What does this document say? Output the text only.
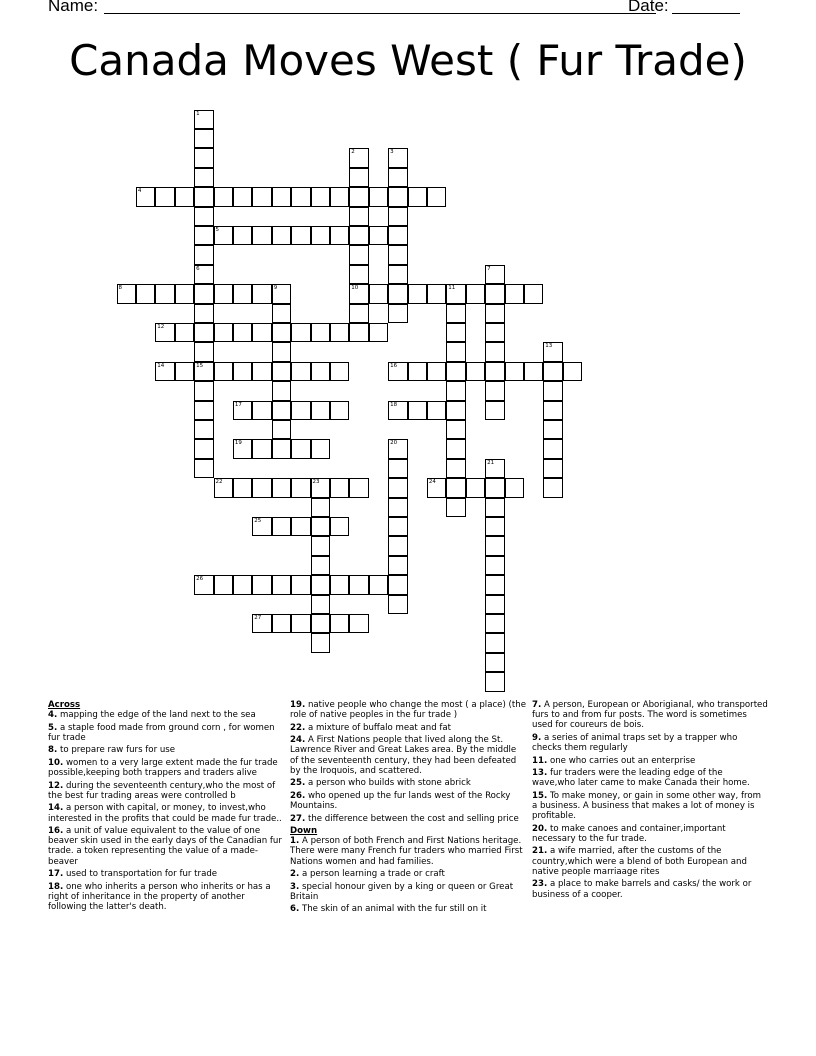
Name:	Date:
Canada Moves West ( Fur Trade)
1
6
15
2
10
3
4
5
7
8	9	11
12
13
14	16
17	18
19	20
21
22	23	24
25
26
27
Across
4. mapping the edge of the land next to the sea
5. a staple food made from ground corn , for women fur trade
8. to prepare raw furs for use
10. women to a very large extent made the fur trade possible,keeping both trappers and traders alive
12. during the seventeenth century,who the most of the best fur trading areas were controlled b
14. a person with capital, or money, to invest,who interested in the profits that could be made fur trade..
16. a unit of value equivalent to the value of one beaver skin used in the early days of the Canadian fur trade. a token representing the value of a made-beaver
17. used to transportation for fur trade
18. one who inherits a person who inherits or has a right of inheritance in the property of another following the latter's death.
19. native people who change the most ( a place) (the role of native peoples in the fur trade )
22. a mixture of buffalo meat and fat
24. A First Nations people that lived along the St. Lawrence River and Great Lakes area. By the middle of the seventeenth century, they had been defeated by the Iroquois, and scattered.
25. a person who builds with stone abrick
26. who opened up the fur lands west of the Rocky Mountains.
27. the difference between the cost and selling price
Down
1. A person of both French and First Nations heritage. There were many French fur traders who married First Nations women and had families.
2. a person learning a trade or craft
3. special honour given by a king or queen or Great Britain
6. The skin of an animal with the fur still on it
7. A person, European or Aborigianal, who transported furs to and from fur posts. The word is sometimes used for coureurs de bois.
9. a series of animal traps set by a trapper who checks them regularly
11. one who carries out an enterprise
13. fur traders were the leading edge of the wave,who later came to make Canada their home.
15. To make money, or gain in some other way, from a business. A business that makes a lot of money is profitable.
20. to make canoes and container,important necessary to the fur trade.
21. a wife married, after the customs of the country,which were a blend of both European and native people marriaage rites
23. a place to make barrels and casks/ the work or business of a cooper.
